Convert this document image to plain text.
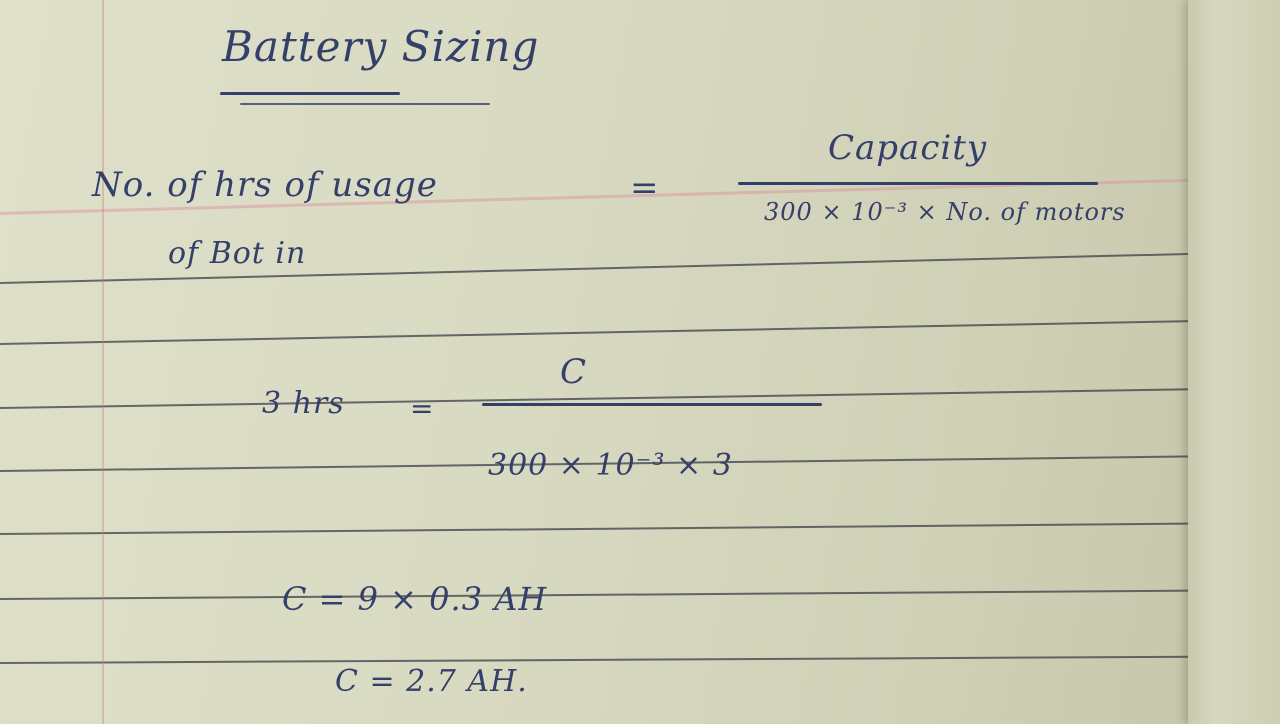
Battery Sizing
No. of hrs of usage
of Bot in
=
Capacity
300 × 10⁻³ × No. of motors
3 hrs =
C
300 × 10⁻³ × 3
C = 9 × 0.3 AH
C = 2.7 AH.
